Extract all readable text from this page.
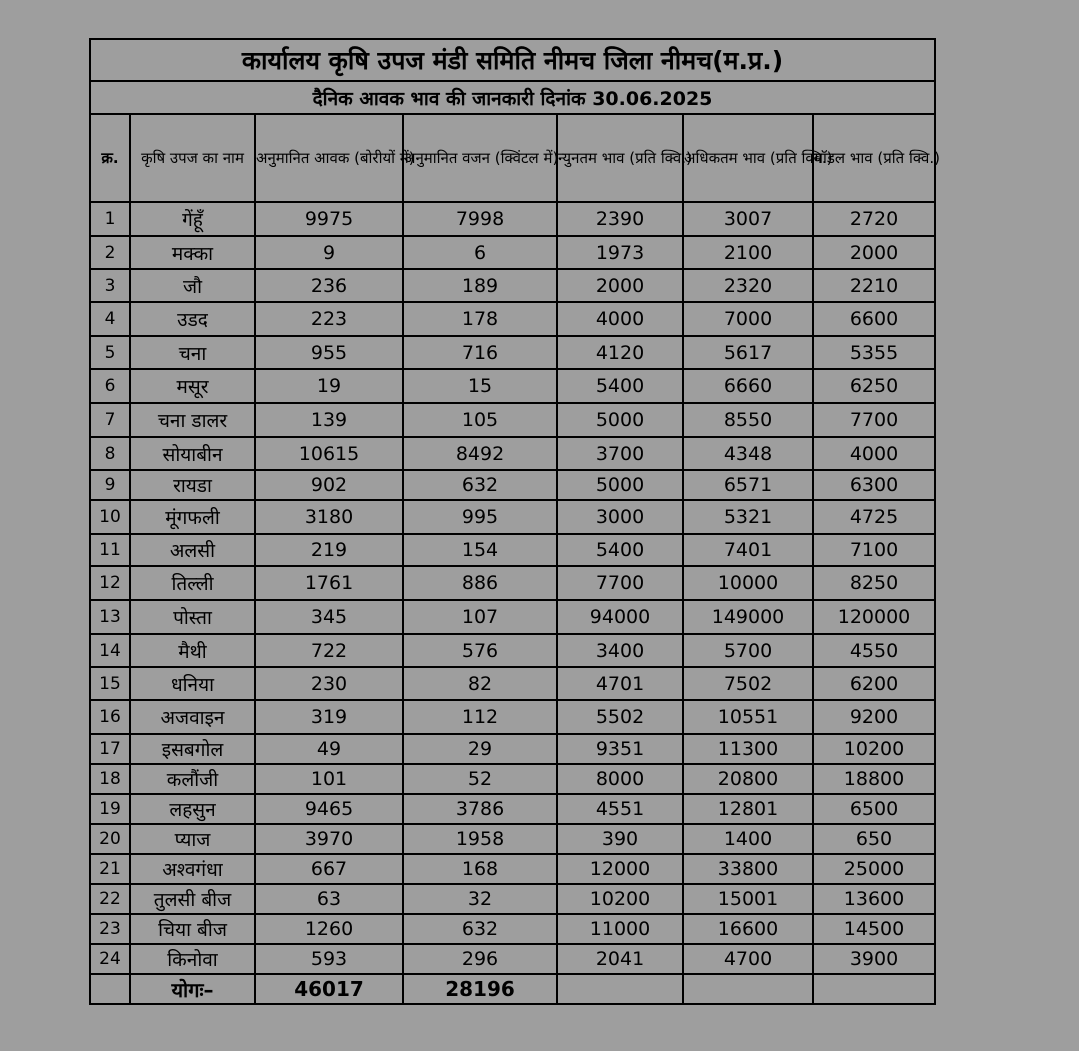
कार्यालय कृषि उपज मंडी समिति नीमच जिला नीमच(म.प्र.)						
दैनिक आवक भाव की जानकारी दिनांक 30.06.2025						
क्र.	कृषि उपज का नाम	अनुमानित आवक (बोरीयों में)	अनुमानित वजन (क्विंटल में)	न्युनतम भाव (प्रति क्वि.)	अधिकतम भाव (प्रति क्वि.)	मॉडल भाव (प्रति क्वि.)
1	गेंहूँ	9975	7998	2390	3007	2720
2	मक्का	9	6	1973	2100	2000
3	जौ	236	189	2000	2320	2210
4	उडद	223	178	4000	7000	6600
5	चना	955	716	4120	5617	5355
6	मसूर	19	15	5400	6660	6250
7	चना डालर	139	105	5000	8550	7700
8	सोयाबीन	10615	8492	3700	4348	4000
9	रायडा	902	632	5000	6571	6300
10	मूंगफली	3180	995	3000	5321	4725
11	अलसी	219	154	5400	7401	7100
12	तिल्ली	1761	886	7700	10000	8250
13	पोस्ता	345	107	94000	149000	120000
14	मैथी	722	576	3400	5700	4550
15	धनिया	230	82	4701	7502	6200
16	अजवाइन	319	112	5502	10551	9200
17	इसबगोल	49	29	9351	11300	10200
18	कलौंजी	101	52	8000	20800	18800
19	लहसुन	9465	3786	4551	12801	6500
20	प्याज	3970	1958	390	1400	650
21	अश्वगंधा	667	168	12000	33800	25000
22	तुलसी बीज	63	32	10200	15001	13600
23	चिया बीज	1260	632	11000	16600	14500
24	किनोवा	593	296	2041	4700	3900
	योगः–	46017	28196			
